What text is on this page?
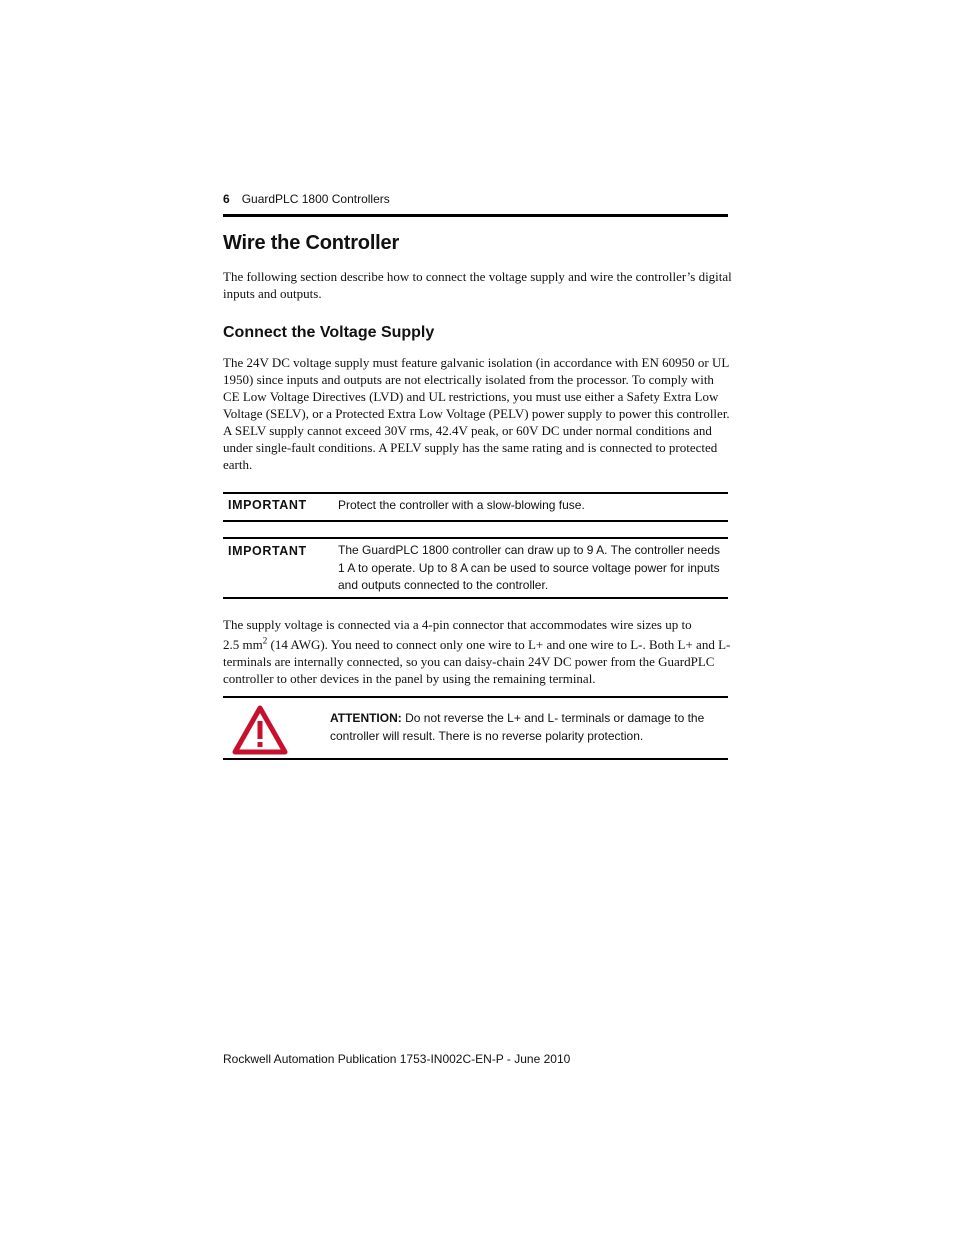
6 GuardPLC 1800 Controllers
Wire the Controller

The following section describe how to connect the voltage supply and wire the controller’s digital inputs and outputs.

Connect the Voltage Supply

The 24V DC voltage supply must feature galvanic isolation (in accordance with EN 60950 or UL 1950) since inputs and outputs are not electrically isolated from the processor. To comply with CE Low Voltage Directives (LVD) and UL restrictions, you must use either a Safety Extra Low Voltage (SELV), or a Protected Extra Low Voltage (PELV) power supply to power this controller. A SELV supply cannot exceed 30V rms, 42.4V peak, or 60V DC under normal conditions and under single-fault conditions. A PELV supply has the same rating and is connected to protected earth.

IMPORTANT	Protect the controller with a slow-blowing fuse.
IMPORTANT	The GuardPLC 1800 controller can draw up to 9 A. The controller needs 1 A to operate. Up to 8 A can be used to source voltage power for inputs and outputs connected to the controller.

The supply voltage is connected via a 4-pin connector that accommodates wire sizes up to
2.5 $mm^2$ (14 AWG). You need to connect only one wire to L+ and one wire to L-. Both L+ and L- terminals are internally connected, so you can daisy-chain 24V DC power from the GuardPLC controller to other devices in the panel by using the remaining terminal.

ATTENTION: Do not reverse the L+ and L- terminals or damage to the controller will result. There is no reverse polarity protection.
Rockwell Automation Publication 1753-IN002C-EN-P - June 2010
